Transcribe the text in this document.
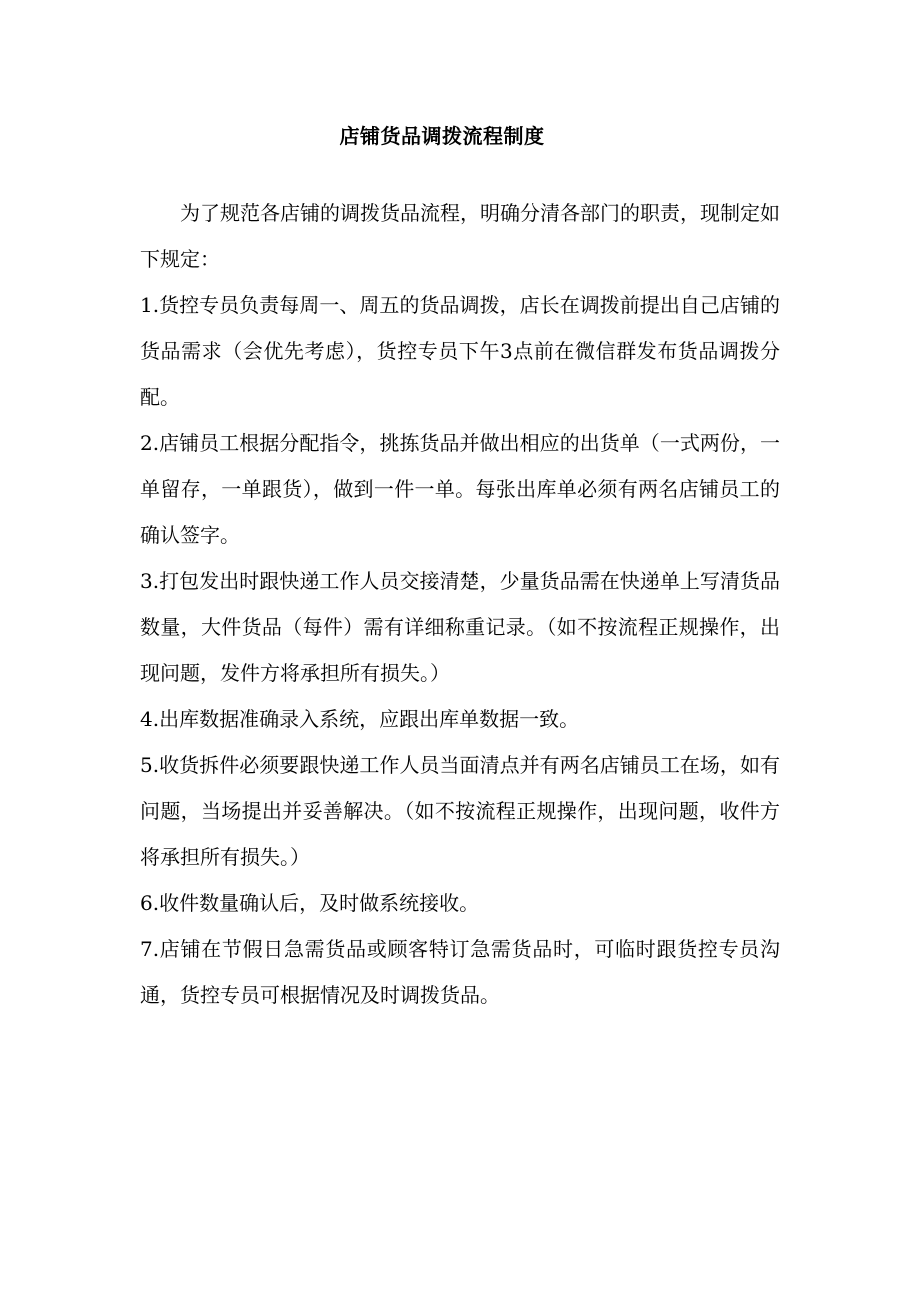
店铺货品调拨流程制度

为了规范各店铺的调拨货品流程，明确分清各部门的职责，现制定如下规定：

1.货控专员负责每周一、周五的货品调拨，店长在调拨前提出自己店铺的货品需求（会优先考虑），货控专员下午3点前在微信群发布货品调拨分配。

2.店铺员工根据分配指令，挑拣货品并做出相应的出货单（一式两份，一单留存，一单跟货），做到一件一单。每张出库单必须有两名店铺员工的确认签字。

3.打包发出时跟快递工作人员交接清楚，少量货品需在快递单上写清货品数量，大件货品（每件）需有详细称重记录。（如不按流程正规操作，出现问题，发件方将承担所有损失。）

4.出库数据准确录入系统，应跟出库单数据一致。

5.收货拆件必须要跟快递工作人员当面清点并有两名店铺员工在场，如有问题，当场提出并妥善解决。（如不按流程正规操作，出现问题，收件方将承担所有损失。）

6.收件数量确认后，及时做系统接收。

7.店铺在节假日急需货品或顾客特订急需货品时，可临时跟货控专员沟通，货控专员可根据情况及时调拨货品。
